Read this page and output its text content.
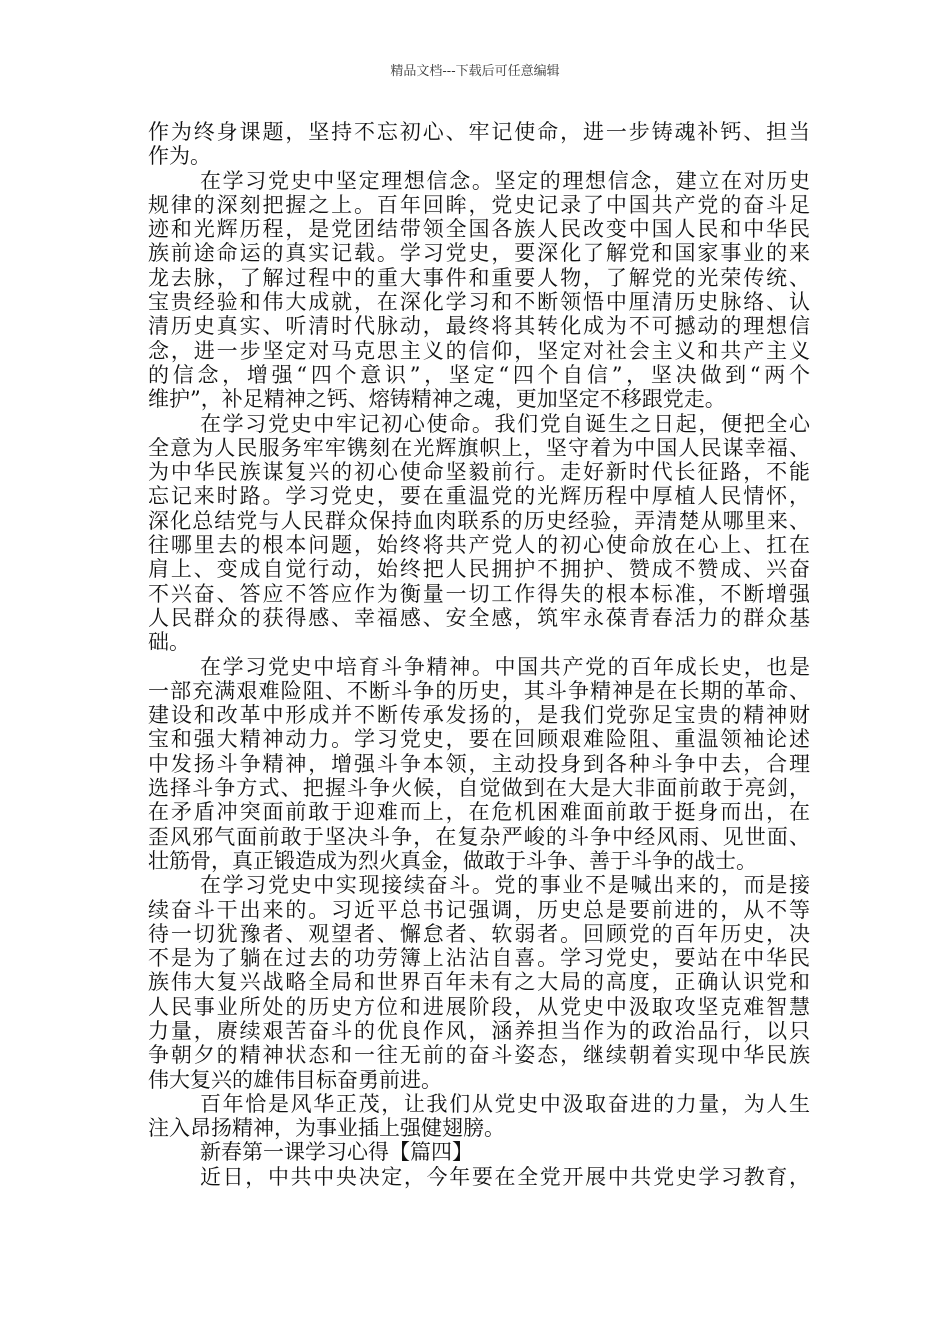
精品文档---下载后可任意编辑
作为终身课题，坚持不忘初心、牢记使命，进一步铸魂补钙、担当
作为。
在学习党史中坚定理想信念。坚定的理想信念，建立在对历史
规律的深刻把握之上。百年回眸，党史记录了中国共产党的奋斗足
迹和光辉历程，是党团结带领全国各族人民改变中国人民和中华民
族前途命运的真实记载。学习党史，要深化了解党和国家事业的来
龙去脉，了解过程中的重大事件和重要人物，了解党的光荣传统、
宝贵经验和伟大成就，在深化学习和不断领悟中厘清历史脉络、认
清历史真实、听清时代脉动，最终将其转化成为不可撼动的理想信
念，进一步坚定对马克思主义的信仰，坚定对社会主义和共产主义
的信念，增强“四个意识”，坚定“四个自信”，坚决做到“两个
维护”，补足精神之钙、熔铸精神之魂，更加坚定不移跟党走。
在学习党史中牢记初心使命。我们党自诞生之日起，便把全心
全意为人民服务牢牢镌刻在光辉旗帜上，坚守着为中国人民谋幸福、
为中华民族谋复兴的初心使命坚毅前行。走好新时代长征路，不能
忘记来时路。学习党史，要在重温党的光辉历程中厚植人民情怀，
深化总结党与人民群众保持血肉联系的历史经验，弄清楚从哪里来、
往哪里去的根本问题，始终将共产党人的初心使命放在心上、扛在
肩上、变成自觉行动，始终把人民拥护不拥护、赞成不赞成、兴奋
不兴奋、答应不答应作为衡量一切工作得失的根本标准，不断增强
人民群众的获得感、幸福感、安全感，筑牢永葆青春活力的群众基
础。
在学习党史中培育斗争精神。中国共产党的百年成长史，也是
一部充满艰难险阻、不断斗争的历史，其斗争精神是在长期的革命、
建设和改革中形成并不断传承发扬的，是我们党弥足宝贵的精神财
宝和强大精神动力。学习党史，要在回顾艰难险阻、重温领袖论述
中发扬斗争精神，增强斗争本领，主动投身到各种斗争中去，合理
选择斗争方式、把握斗争火候，自觉做到在大是大非面前敢于亮剑，
在矛盾冲突面前敢于迎难而上，在危机困难面前敢于挺身而出，在
歪风邪气面前敢于坚决斗争，在复杂严峻的斗争中经风雨、见世面、
壮筋骨，真正锻造成为烈火真金，做敢于斗争、善于斗争的战士。
在学习党史中实现接续奋斗。党的事业不是喊出来的，而是接
续奋斗干出来的。习近平总书记强调，历史总是要前进的，从不等
待一切犹豫者、观望者、懈怠者、软弱者。回顾党的百年历史，决
不是为了躺在过去的功劳簿上沾沾自喜。学习党史，要站在中华民
族伟大复兴战略全局和世界百年未有之大局的高度，正确认识党和
人民事业所处的历史方位和进展阶段，从党史中汲取攻坚克难智慧
力量，赓续艰苦奋斗的优良作风，涵养担当作为的政治品行，以只
争朝夕的精神状态和一往无前的奋斗姿态，继续朝着实现中华民族
伟大复兴的雄伟目标奋勇前进。
百年恰是风华正茂，让我们从党史中汲取奋进的力量，为人生
注入昂扬精神，为事业插上强健翅膀。
新春第一课学习心得【篇四】
近日，中共中央决定，今年要在全党开展中共党史学习教育，
